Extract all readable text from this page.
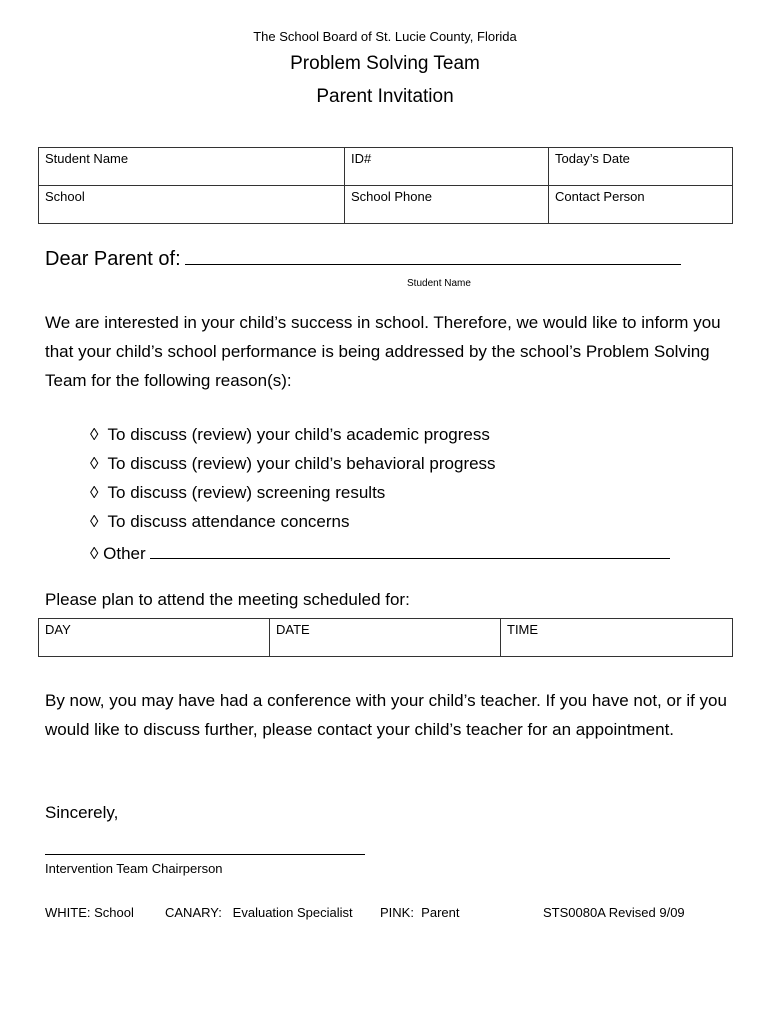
The School Board of St. Lucie County, Florida
Problem Solving Team
Parent Invitation
Student Name	ID#	Today’s Date
School	School Phone	Contact Person
Dear Parent of:
Student Name
We are interested in your child’s success in school. Therefore, we would like to inform you that your child’s school performance is being addressed by the school’s Problem Solving Team for the following reason(s):
◊ To discuss (review) your child’s academic progress
◊ To discuss (review) your child’s behavioral progress
◊ To discuss (review) screening results
◊ To discuss attendance concerns
◊ Other
Please plan to attend the meeting scheduled for:
DAY	DATE	TIME
By now, you may have had a conference with your child’s teacher. If you have not, or if you would like to discuss further, please contact your child’s teacher for an appointment.
Sincerely,
Intervention Team Chairperson
WHITE: School CANARY:   Evaluation Specialist PINK:  Parent	STS0080A Revised 9/09
